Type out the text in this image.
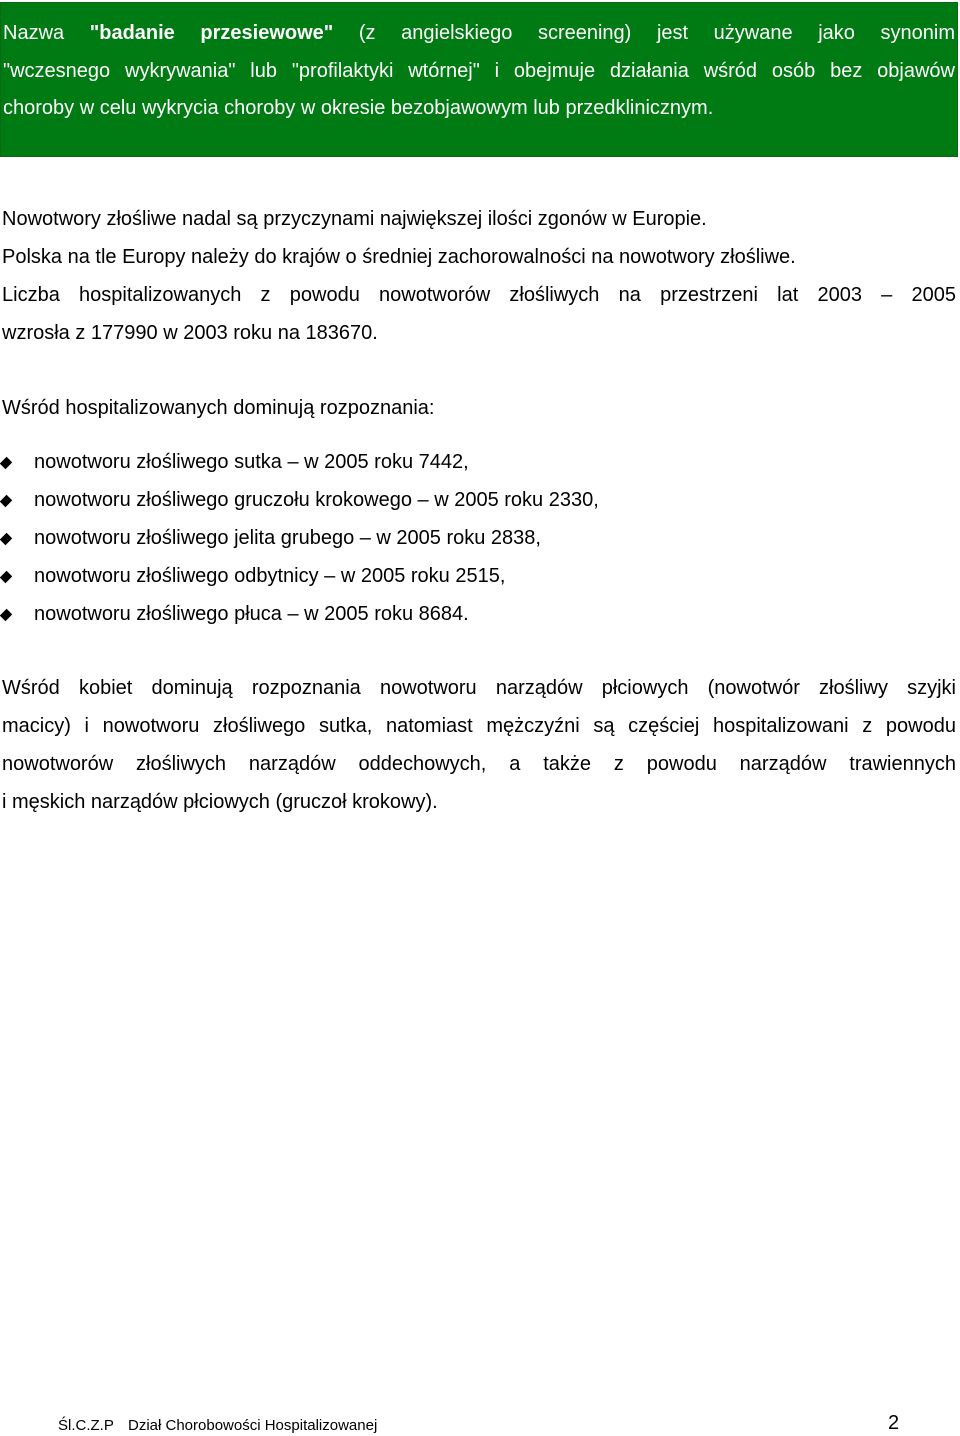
Nazwa "badanie przesiewowe" (z angielskiego screening) jest używane jako synonim
"wczesnego wykrywania" lub "profilaktyki wtórnej" i obejmuje działania wśród osób bez objawów
choroby w celu wykrycia choroby w okresie bezobjawowym lub przedklinicznym.
Nowotwory złośliwe nadal są przyczynami największej ilości zgonów w Europie.
Polska na tle Europy należy do krajów o średniej zachorowalności na nowotwory złośliwe.
Liczba hospitalizowanych z powodu nowotworów złośliwych na przestrzeni lat 2003 – 2005
wzrosła z 177990 w 2003 roku na 183670.
Wśród hospitalizowanych dominują rozpoznania:
nowotworu złośliwego sutka – w 2005 roku 7442,
nowotworu złośliwego gruczołu krokowego – w 2005 roku 2330,
nowotworu złośliwego jelita grubego – w 2005 roku 2838,
nowotworu złośliwego odbytnicy – w 2005 roku 2515,
nowotworu złośliwego płuca – w 2005 roku 8684.
Wśród kobiet dominują rozpoznania nowotworu narządów płciowych (nowotwór złośliwy szyjki
macicy) i nowotworu złośliwego sutka, natomiast mężczyźni są częściej hospitalizowani z powodu
nowotworów złośliwych narządów oddechowych, a także z powodu narządów trawiennych
i męskich narządów płciowych (gruczoł krokowy).
Śl.C.Z.P Dział Chorobowości Hospitalizowanej	2
